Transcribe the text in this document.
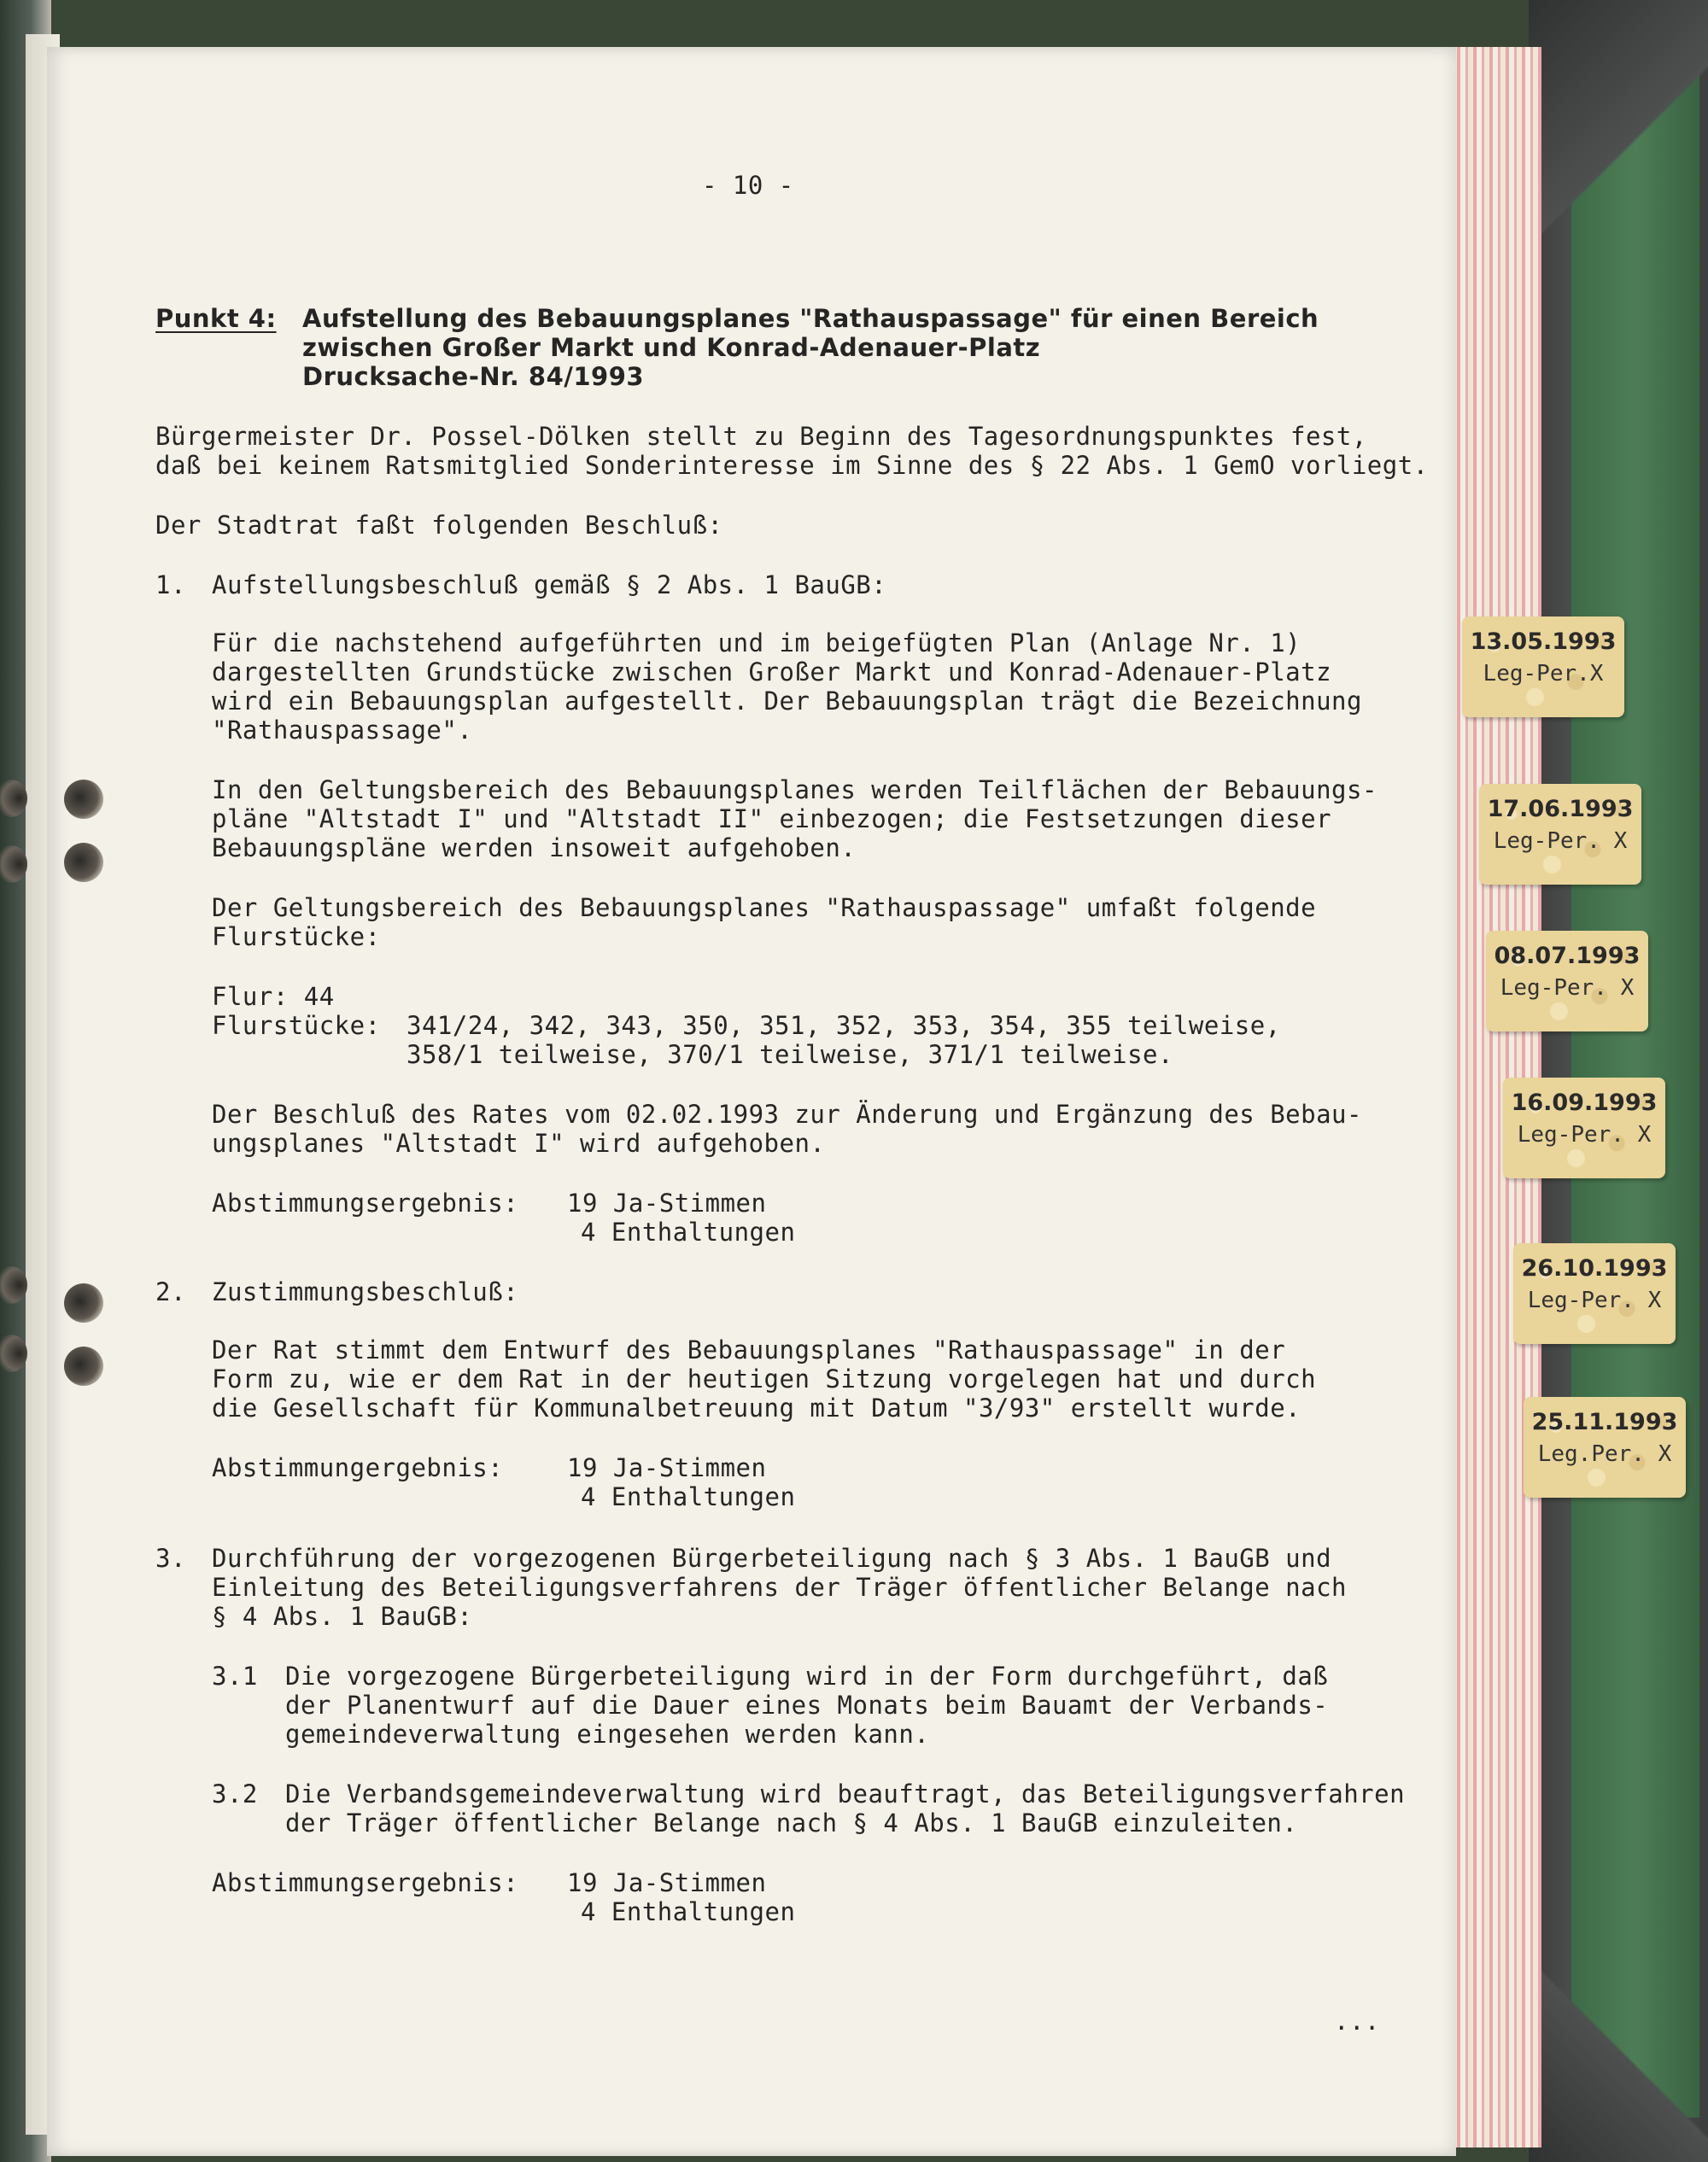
- 10 -
Punkt 4: Aufstellung des Bebauungsplanes "Rathauspassage" für einen Bereich
zwischen Großer Markt und Konrad-Adenauer-Platz
Drucksache-Nr. 84/1993
Bürgermeister Dr. Possel-Dölken stellt zu Beginn des Tagesordnungspunktes fest,
daß bei keinem Ratsmitglied Sonderinteresse im Sinne des § 22 Abs. 1 GemO vorliegt.
Der Stadtrat faßt folgenden Beschluß:
1. Aufstellungsbeschluß gemäß § 2 Abs. 1 BauGB:
Für die nachstehend aufgeführten und im beigefügten Plan (Anlage Nr. 1)
dargestellten Grundstücke zwischen Großer Markt und Konrad-Adenauer-Platz
wird ein Bebauungsplan aufgestellt. Der Bebauungsplan trägt die Bezeichnung
"Rathauspassage".
In den Geltungsbereich des Bebauungsplanes werden Teilflächen der Bebauungs-
pläne "Altstadt I" und "Altstadt II" einbezogen; die Festsetzungen dieser
Bebauungspläne werden insoweit aufgehoben.
Der Geltungsbereich des Bebauungsplanes "Rathauspassage" umfaßt folgende
Flurstücke:
Flur: 44
Flurstücke: 341/24, 342, 343, 350, 351, 352, 353, 354, 355 teilweise,
358/1 teilweise, 370/1 teilweise, 371/1 teilweise.
Der Beschluß des Rates vom 02.02.1993 zur Änderung und Ergänzung des Bebau-
ungsplanes "Altstadt I" wird aufgehoben.
Abstimmungsergebnis: 19 Ja-Stimmen
4 Enthaltungen
2. Zustimmungsbeschluß:
Der Rat stimmt dem Entwurf des Bebauungsplanes "Rathauspassage" in der
Form zu, wie er dem Rat in der heutigen Sitzung vorgelegen hat und durch
die Gesellschaft für Kommunalbetreuung mit Datum "3/93" erstellt wurde.
Abstimmungergebnis:	19 Ja-Stimmen
4 Enthaltungen
3. Durchführung der vorgezogenen Bürgerbeteiligung nach § 3 Abs. 1 BauGB und
Einleitung des Beteiligungsverfahrens der Träger öffentlicher Belange nach
§ 4 Abs. 1 BauGB:
3.1 Die vorgezogene Bürgerbeteiligung wird in der Form durchgeführt, daß
der Planentwurf auf die Dauer eines Monats beim Bauamt der Verbands-
gemeindeverwaltung eingesehen werden kann.
3.2 Die Verbandsgemeindeverwaltung wird beauftragt, das Beteiligungsverfahren
der Träger öffentlicher Belange nach § 4 Abs. 1 BauGB einzuleiten.
Abstimmungsergebnis: 19 Ja-Stimmen
4 Enthaltungen
...
13.05.1993
Leg-Per.X
17.06.1993
Leg-Per. X
08.07.1993
Leg-Per. X
16.09.1993
Leg-Per. X
26.10.1993
Leg-Per. X
25.11.1993
Leg.Per. X
